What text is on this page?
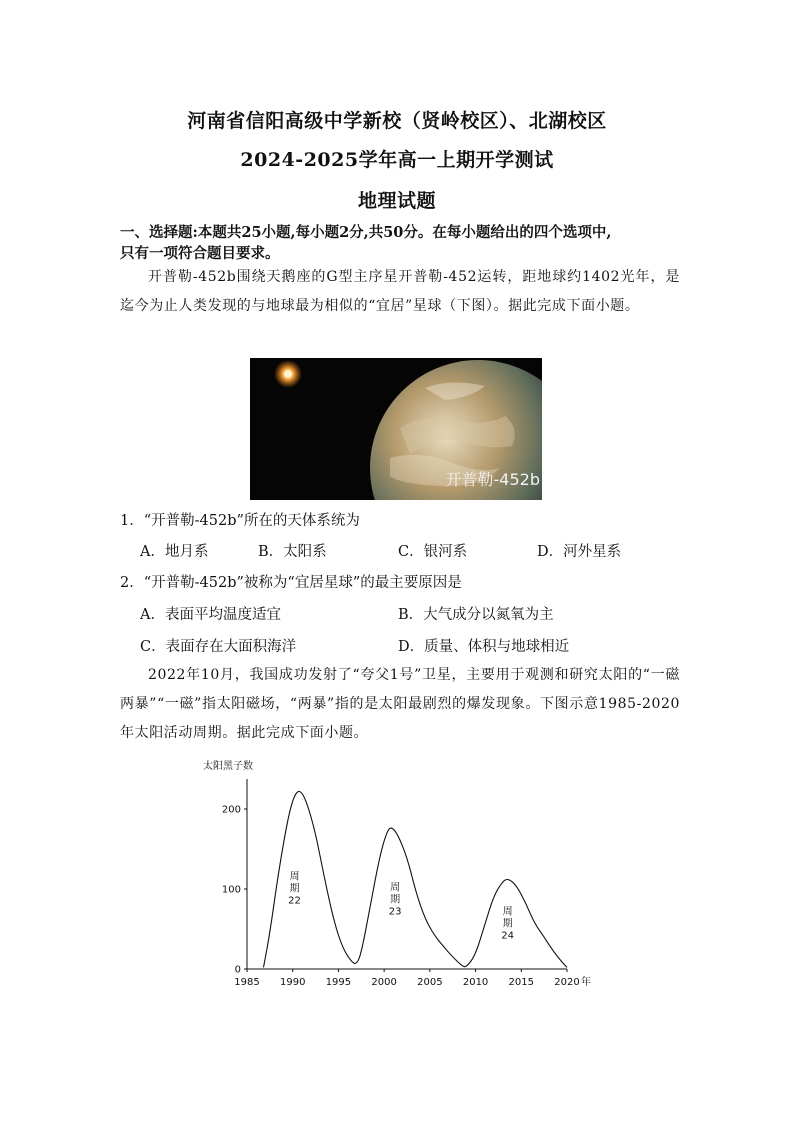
河南省信阳高级中学新校（贤岭校区）、北湖校区
2024-2025学年高一上期开学测试
地理试题
一、选择题:本题共25小题,每小题2分,共50分。在每小题给出的四个选项中,
只有一项符合题目要求。
开普勒-452b围绕天鹅座的G型主序星开普勒-452运转，距地球约1402光年，是迄今为止人类发现的与地球最为相似的“宜居”星球（下图）。据此完成下面小题。
开普勒-452b
1．“开普勒-452b”所在的天体系统为
A．地月系	B．太阳系	C．银河系	D．河外星系
2．“开普勒-452b”被称为“宜居星球”的最主要原因是
A．表面平均温度适宜	B．大气成分以氮氧为主
C．表面存在大面积海洋	D．质量、体积与地球相近
2022年10月，我国成功发射了“夸父1号”卫星，主要用于观测和研究太阳的“一磁两暴”“一磁”指太阳磁场，“两暴”指的是太阳最剧烈的爆发现象。下图示意1985-2020年太阳活动周期。据此完成下面小题。
1985 1990 1995 2000 2005 2010 2015 2020 年
0
100
200
周
期
22
周
期
23	周
期
24
太阳黑子数
